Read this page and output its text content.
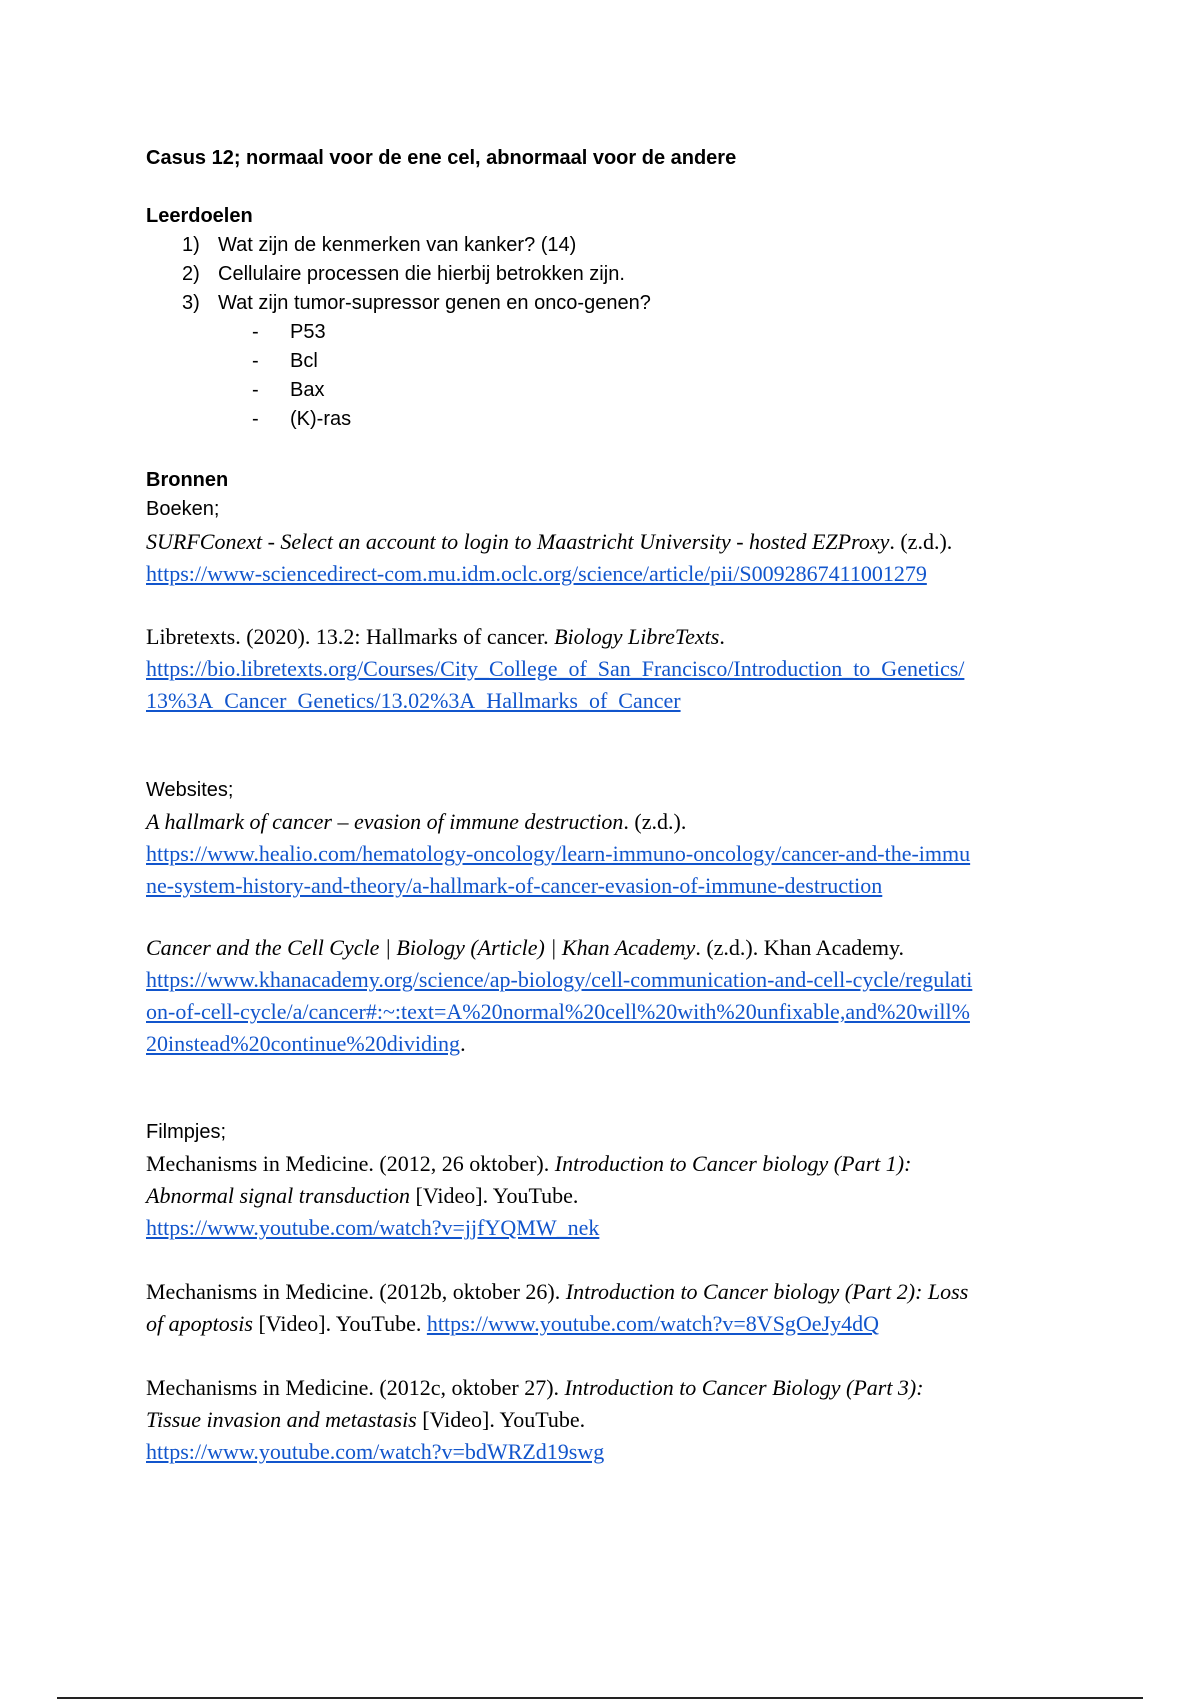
Casus 12; normaal voor de ene cel, abnormaal voor de andere
Leerdoelen
1) Wat zijn de kenmerken van kanker? (14)
2) Cellulaire processen die hierbij betrokken zijn.
3) Wat zijn tumor-supressor genen en onco-genen?
-	P53
-	Bcl
-	Bax
-	(K)-ras
Bronnen
Boeken;
SURFConext - Select an account to login to Maastricht University - hosted EZProxy. (z.d.).
https://www-sciencedirect-com.mu.idm.oclc.org/science/article/pii/S0092867411001279
Libretexts. (2020). 13.2: Hallmarks of cancer. Biology LibreTexts.
https://bio.libretexts.org/Courses/City_College_of_San_Francisco/Introduction_to_Genetics/
13%3A_Cancer_Genetics/13.02%3A_Hallmarks_of_Cancer
Websites;
A hallmark of cancer – evasion of immune destruction. (z.d.).
https://www.healio.com/hematology-oncology/learn-immuno-oncology/cancer-and-the-immu
ne-system-history-and-theory/a-hallmark-of-cancer-evasion-of-immune-destruction
Cancer and the Cell Cycle | Biology (Article) | Khan Academy. (z.d.). Khan Academy.
https://www.khanacademy.org/science/ap-biology/cell-communication-and-cell-cycle/regulati
on-of-cell-cycle/a/cancer#:~:text=A%20normal%20cell%20with%20unfixable,and%20will%
20instead%20continue%20dividing.
Filmpjes;
Mechanisms in Medicine. (2012, 26 oktober). Introduction to Cancer biology (Part 1):
Abnormal signal transduction [Video]. YouTube.
https://www.youtube.com/watch?v=jjfYQMW_nek
Mechanisms in Medicine. (2012b, oktober 26). Introduction to Cancer biology (Part 2): Loss
of apoptosis [Video]. YouTube. https://www.youtube.com/watch?v=8VSgOeJy4dQ
Mechanisms in Medicine. (2012c, oktober 27). Introduction to Cancer Biology (Part 3):
Tissue invasion and metastasis [Video]. YouTube.
https://www.youtube.com/watch?v=bdWRZd19swg
